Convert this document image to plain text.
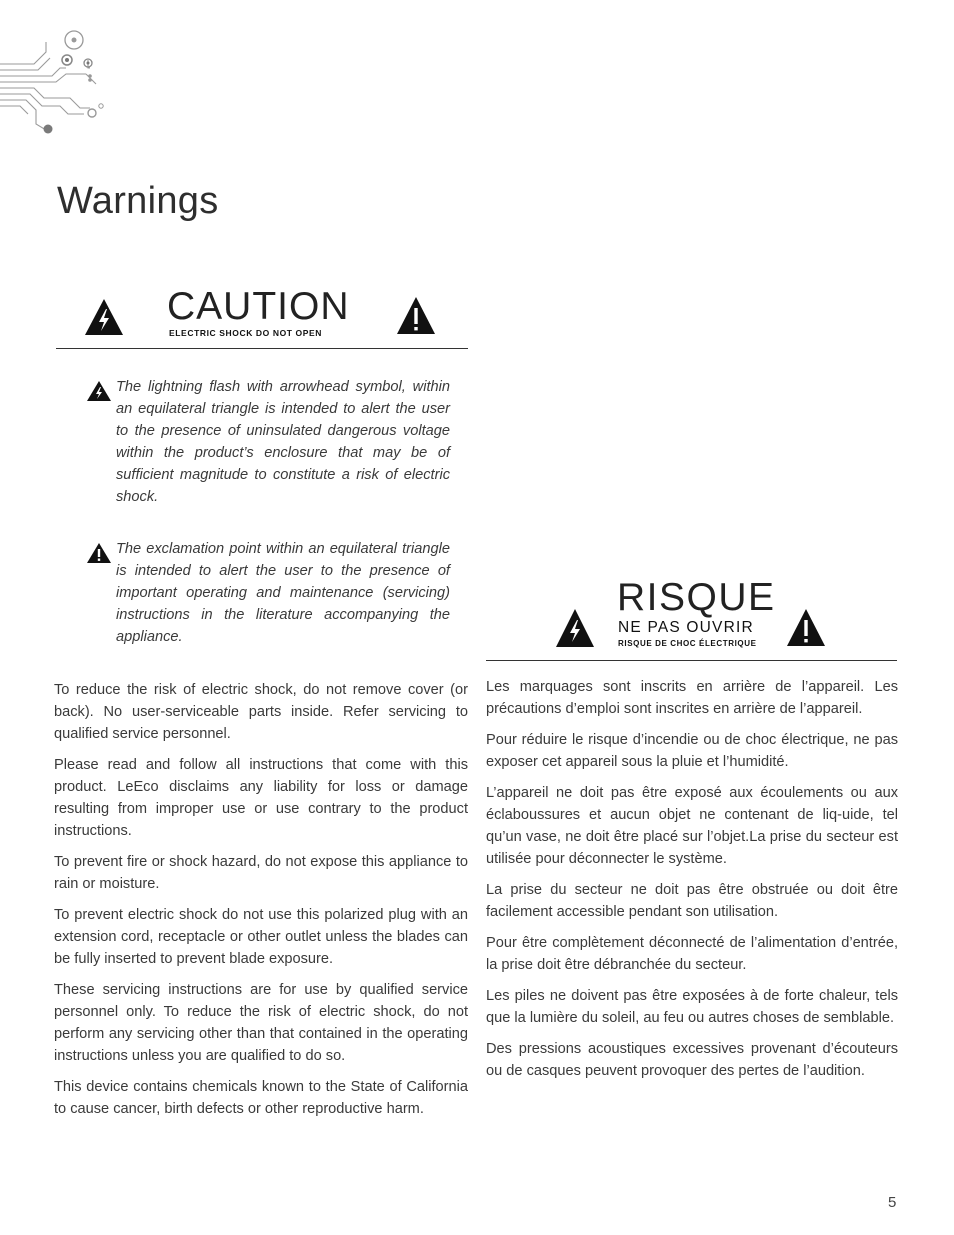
Warnings
CAUTION
ELECTRIC SHOCK DO NOT OPEN

The lightning flash with arrowhead symbol, within an equilateral triangle is intended to alert the user to the presence of uninsulated dangerous voltage within the product’s enclosure that may be of sufficient magnitude to constitute a risk of electric shock.

The exclamation point within an equilateral triangle is intended to alert the user to the presence of important operating and maintenance (servicing) instructions in the literature accompanying the appliance.

RISQUE
NE PAS OUVRIR
RISQUE DE CHOC ÉLECTRIQUE

To reduce the risk of electric shock, do not remove cover (or back). No user-serviceable parts inside. Refer servicing to qualified service personnel.

Please read and follow all instructions that come with this product. LeEco disclaims any liability for loss or damage resulting from improper use or use contrary to the product instructions.

To prevent fire or shock hazard, do not expose this appliance to rain or moisture.

To prevent electric shock do not use this polarized plug with an extension cord, receptacle or other outlet unless the blades can be fully inserted to prevent blade exposure.

These servicing instructions are for use by qualified service personnel only. To reduce the risk of electric shock, do not perform any servicing other than that contained in the operating instructions unless you are qualified to do so.

This device contains chemicals known to the State of California to cause cancer, birth defects or other reproductive harm.

Les marquages sont inscrits en arrière de l’appareil. Les précautions d’emploi sont inscrites en arrière de l’appareil.

Pour réduire le risque d’incendie ou de choc électrique, ne pas exposer cet appareil sous la pluie et l’humidité.

L’appareil ne doit pas être exposé aux écoulements ou aux éclaboussures et aucun objet ne contenant de liq-uide, tel qu’un vase, ne doit être placé sur l’objet.La prise du secteur est utilisée pour déconnecter le système.

La prise du secteur ne doit pas être obstruée ou doit être facilement accessible pendant son utilisation.

Pour être complètement déconnecté de l’alimentation d’entrée, la prise doit être débranchée du secteur.

Les piles ne doivent pas être exposées à de forte chaleur, tels que la lumière du soleil, au feu ou autres choses de semblable.

Des pressions acoustiques excessives provenant d’écouteurs ou de casques peuvent provoquer des pertes de l’audition.

5
